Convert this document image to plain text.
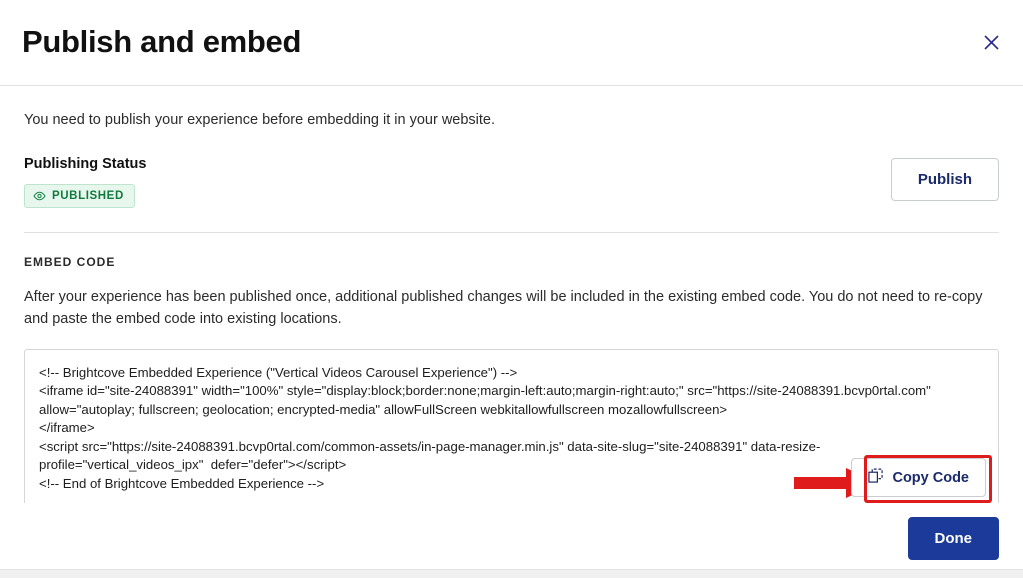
Publish and embed

You need to publish your experience before embedding it in your website.

Publishing Status
PUBLISHED
Publish
EMBED CODE

After your experience has been published once, additional published changes will be included in the existing embed code. You do not need to re-copy and paste the embed code into existing locations.

<!-- Brightcove Embedded Experience ("Vertical Videos Carousel Experience") -->
<iframe id="site-24088391" width="100%" style="display:block;border:none;margin-left:auto;margin-right:auto;" src="https://site-24088391.bcvp0rtal.com" allow="autoplay; fullscreen; geolocation; encrypted-media" allowFullScreen webkitallowfullscreen mozallowfullscreen>
</iframe>
<script src="https://site-24088391.bcvp0rtal.com/common-assets/in-page-manager.min.js" data-site-slug="site-24088391" data-resize-profile="vertical_videos_ipx"  defer="defer"></script>
<!-- End of Brightcove Embedded Experience -->	Copy Code
Done
